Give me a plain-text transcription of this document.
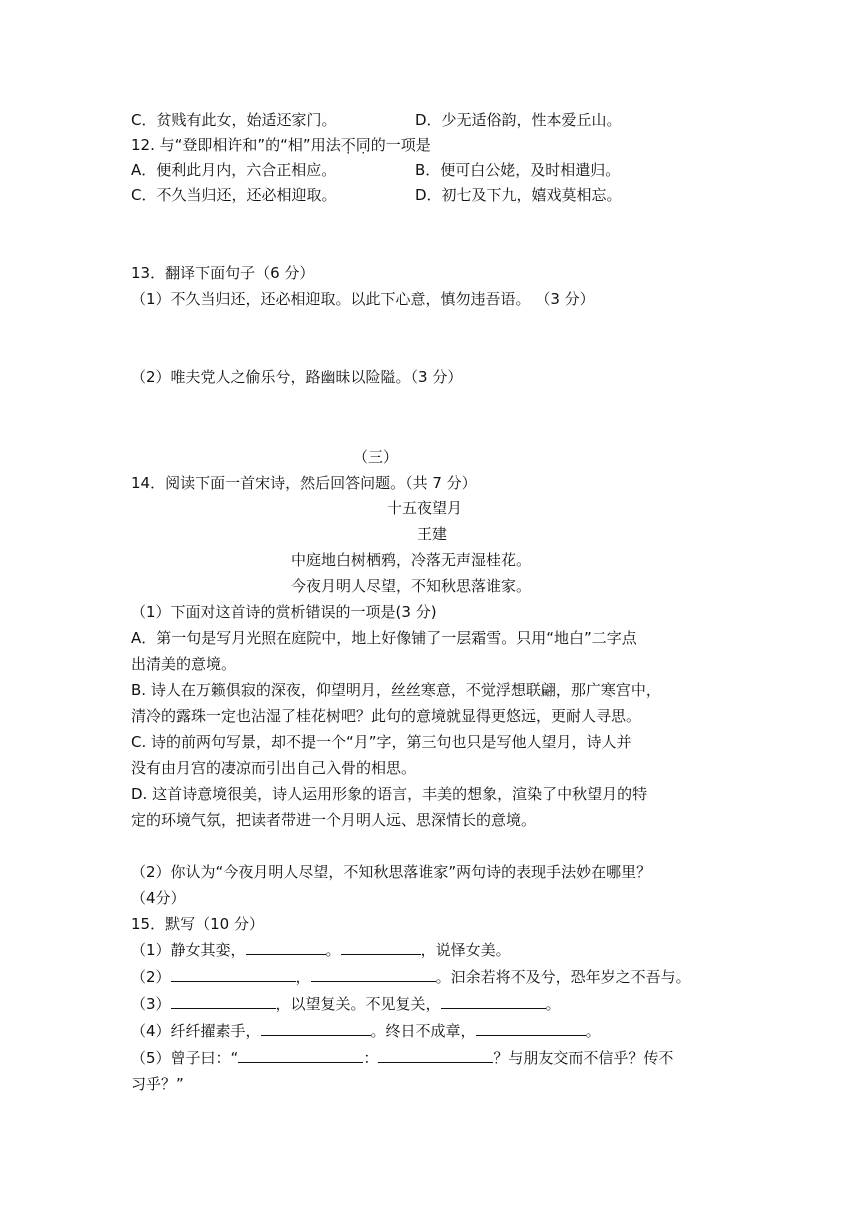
C．贫贱有此女，始适还家门。	D．少无适俗韵，性本爱丘山。
12. 与“登即相许和”的“相”用法不同的一项是
A．便利此月内，六合正相应。	B．便可白公姥，及时相遣归。
C．不久当归还，还必相迎取。	D．初七及下九，嬉戏莫相忘。
13．翻译下面句子（6 分）
（1）不久当归还，还必相迎取。以此下心意，慎勿违吾语。 （3 分）
（2）唯夫党人之偷乐兮，路幽昧以险隘。（3 分）
（三）
14．阅读下面一首宋诗，然后回答问题。（共 7 分）
十五夜望月
王建
中庭地白树栖鸦，冷落无声湿桂花。
今夜月明人尽望，不知秋思落谁家。
（1）下面对这首诗的赏析错误的一项是(3 分)
A．第一句是写月光照在庭院中，地上好像铺了一层霜雪。只用“地白”二字点
出清美的意境。
B. 诗人在万籁俱寂的深夜，仰望明月，丝丝寒意，不觉浮想联翩，那广寒宫中，
清冷的露珠一定也沾湿了桂花树吧？此句的意境就显得更悠远，更耐人寻思。
C. 诗的前两句写景，却不提一个“月”字，第三句也只是写他人望月，诗人并
没有由月宫的凄凉而引出自己入骨的相思。
D. 这首诗意境很美，诗人运用形象的语言，丰美的想象，渲染了中秋望月的特
定的环境气氛，把读者带进一个月明人远、思深情长的意境。
（2）你认为“今夜月明人尽望，不知秋思落谁家”两句诗的表现手法妙在哪里？
（4分）
15．默写（10 分）
（1）静女其娈，	。	，说怿女美。
（2）	，	。汩余若将不及兮，恐年岁之不吾与。
（3）	，以望复关。不见复关，	。
（4）纤纤擢素手，	。终日不成章，	。
（5）曾子曰：“	：	？与朋友交而不信乎？传不
习乎？”
